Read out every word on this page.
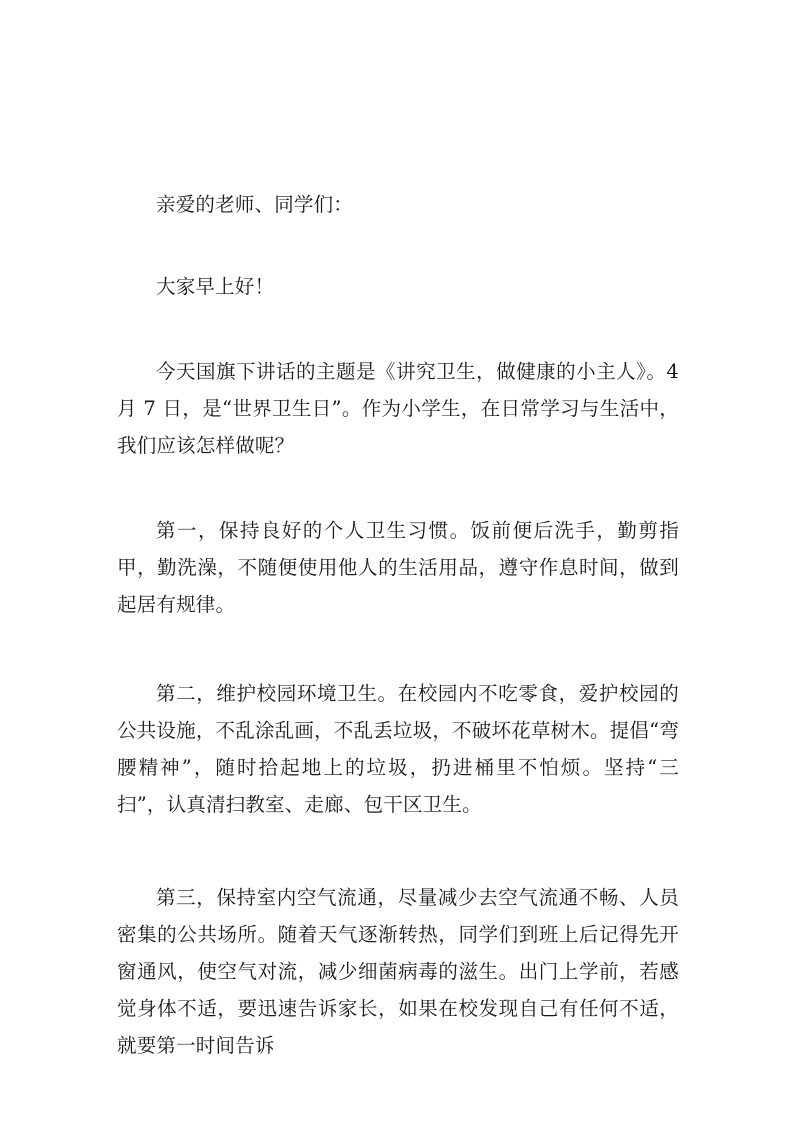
亲爱的老师、同学们：

大家早上好！

今天国旗下讲话的主题是《讲究卫生，做健康的小主人》。4 月 7 日，是“世界卫生日”。作为小学生，在日常学习与生活中，我们应该怎样做呢？

第一，保持良好的个人卫生习惯。饭前便后洗手，勤剪指甲，勤洗澡，不随便使用他人的生活用品，遵守作息时间，做到起居有规律。

第二，维护校园环境卫生。在校园内不吃零食，爱护校园的公共设施，不乱涂乱画，不乱丢垃圾，不破坏花草树木。提倡“弯腰精神”，随时拾起地上的垃圾，扔进桶里不怕烦。坚持“三扫”，认真清扫教室、走廊、包干区卫生。

第三，保持室内空气流通，尽量减少去空气流通不畅、人员密集的公共场所。随着天气逐渐转热，同学们到班上后记得先开窗通风，使空气对流，减少细菌病毒的滋生。出门上学前，若感觉身体不适，要迅速告诉家长，如果在校发现自己有任何不适，就要第一时间告诉
